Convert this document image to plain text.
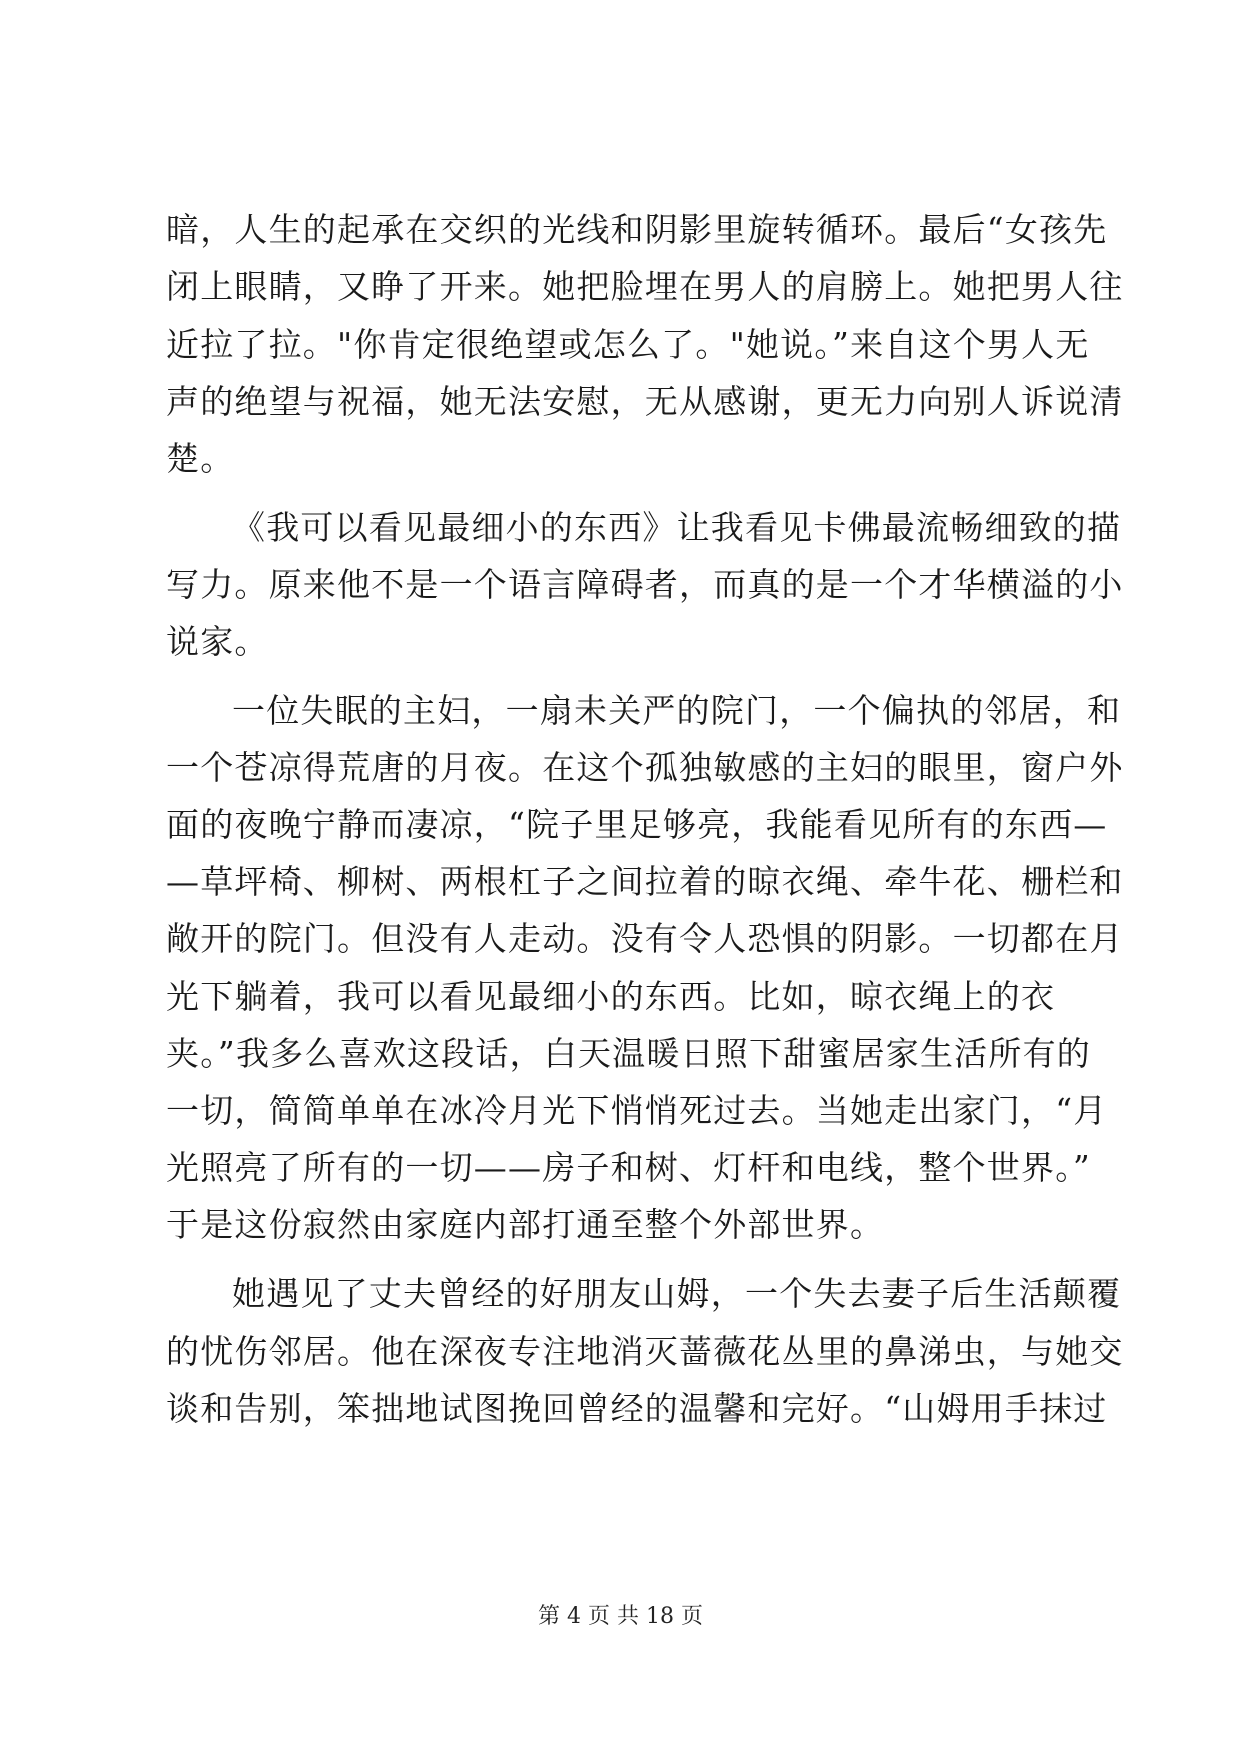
暗，人生的起承在交织的光线和阴影里旋转循环。最后“女孩先
闭上眼睛，又睁了开来。她把脸埋在男人的肩膀上。她把男人往
近拉了拉。"你肯定很绝望或怎么了。"她说。”来自这个男人无
声的绝望与祝福，她无法安慰，无从感谢，更无力向别人诉说清
楚。
《我可以看见最细小的东西》让我看见卡佛最流畅细致的描
写力。原来他不是一个语言障碍者，而真的是一个才华横溢的小
说家。
一位失眠的主妇，一扇未关严的院门，一个偏执的邻居，和
一个苍凉得荒唐的月夜。在这个孤独敏感的主妇的眼里，窗户外
面的夜晚宁静而凄凉，“院子里足够亮，我能看见所有的东西—
—草坪椅、柳树、两根杠子之间拉着的晾衣绳、牵牛花、栅栏和
敞开的院门。但没有人走动。没有令人恐惧的阴影。一切都在月
光下躺着，我可以看见最细小的东西。比如，晾衣绳上的衣
夹。”我多么喜欢这段话，白天温暖日照下甜蜜居家生活所有的
一切，简简单单在冰冷月光下悄悄死过去。当她走出家门，“月
光照亮了所有的一切——房子和树、灯杆和电线，整个世界。”
于是这份寂然由家庭内部打通至整个外部世界。
她遇见了丈夫曾经的好朋友山姆，一个失去妻子后生活颠覆
的忧伤邻居。他在深夜专注地消灭蔷薇花丛里的鼻涕虫，与她交
谈和告别，笨拙地试图挽回曾经的温馨和完好。“山姆用手抹过
第 4 页 共 18 页
